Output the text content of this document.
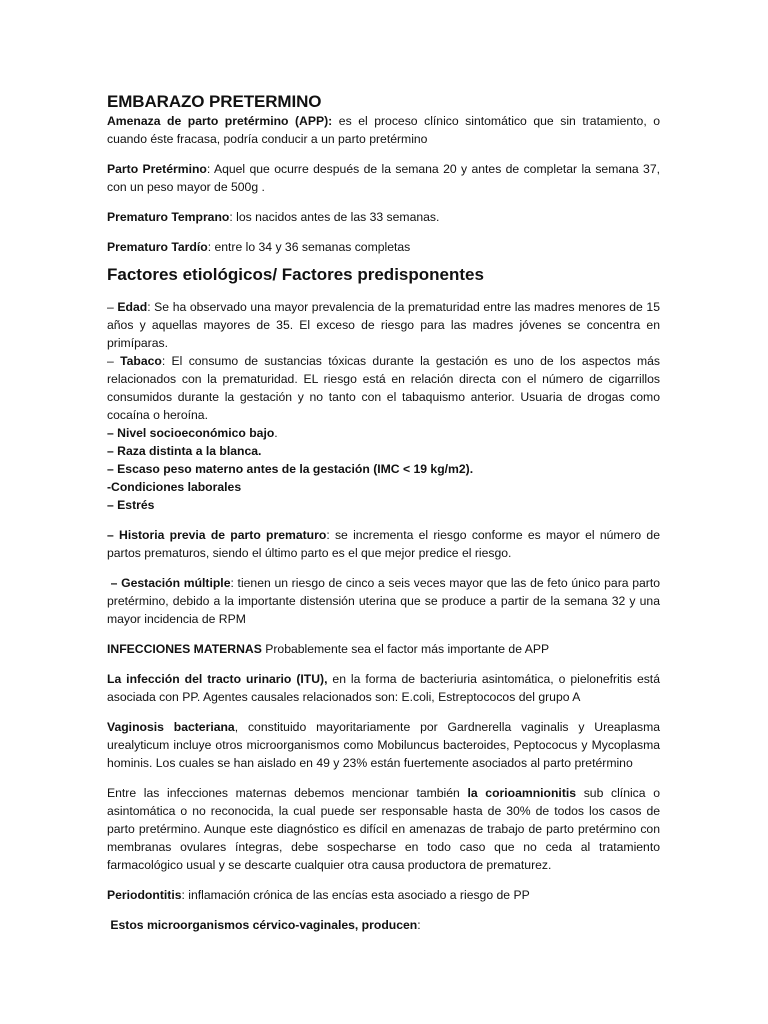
EMBARAZO PRETERMINO

Amenaza de parto pretérmino (APP): es el proceso clínico sintomático que sin tratamiento, o cuando éste fracasa, podría conducir a un parto pretérmino

Parto Pretérmino: Aquel que ocurre después de la semana 20 y antes de completar la semana 37, con un peso mayor de 500g .

Prematuro Temprano: los nacidos antes de las 33 semanas.

Prematuro Tardío: entre lo 34 y 36 semanas completas

Factores etiológicos/ Factores predisponentes

– Edad: Se ha observado una mayor prevalencia de la prematuridad entre las madres menores de 15 años y aquellas mayores de 35. El exceso de riesgo para las madres jóvenes se concentra en primíparas.

– Tabaco: El consumo de sustancias tóxicas durante la gestación es uno de los aspectos más relacionados con la prematuridad. EL riesgo está en relación directa con el número de cigarrillos consumidos durante la gestación y no tanto con el tabaquismo anterior. Usuaria de drogas como cocaína o heroína.

– Nivel socioeconómico bajo.

– Raza distinta a la blanca.

– Escaso peso materno antes de la gestación (IMC < 19 kg/m2).

-Condiciones laborales

– Estrés

– Historia previa de parto prematuro: se incrementa el riesgo conforme es mayor el número de partos prematuros, siendo el último parto es el que mejor predice el riesgo.

– Gestación múltiple: tienen un riesgo de cinco a seis veces mayor que las de feto único para parto pretérmino, debido a la importante distensión uterina que se produce a partir de la semana 32 y una mayor incidencia de RPM

INFECCIONES MATERNAS Probablemente sea el factor más importante de APP

La infección del tracto urinario (ITU), en la forma de bacteriuria asintomática, o pielonefritis está asociada con PP. Agentes causales relacionados son: E.coli, Estreptococos del grupo A

Vaginosis bacteriana, constituido mayoritariamente por Gardnerella vaginalis y Ureaplasma urealyticum incluye otros microorganismos como Mobiluncus bacteroides, Peptococus y Mycoplasma hominis. Los cuales se han aislado en 49 y 23% están fuertemente asociados al parto pretérmino

Entre las infecciones maternas debemos mencionar también la corioamnionitis sub clínica o asintomática o no reconocida, la cual puede ser responsable hasta de 30% de todos los casos de parto pretérmino. Aunque este diagnóstico es difícil en amenazas de trabajo de parto pretérmino con membranas ovulares íntegras, debe sospecharse en todo caso que no ceda al tratamiento farmacológico usual y se descarte cualquier otra causa productora de prematurez.

Periodontitis: inflamación crónica de las encías esta asociado a riesgo de PP

Estos microorganismos cérvico-vaginales, producen:
